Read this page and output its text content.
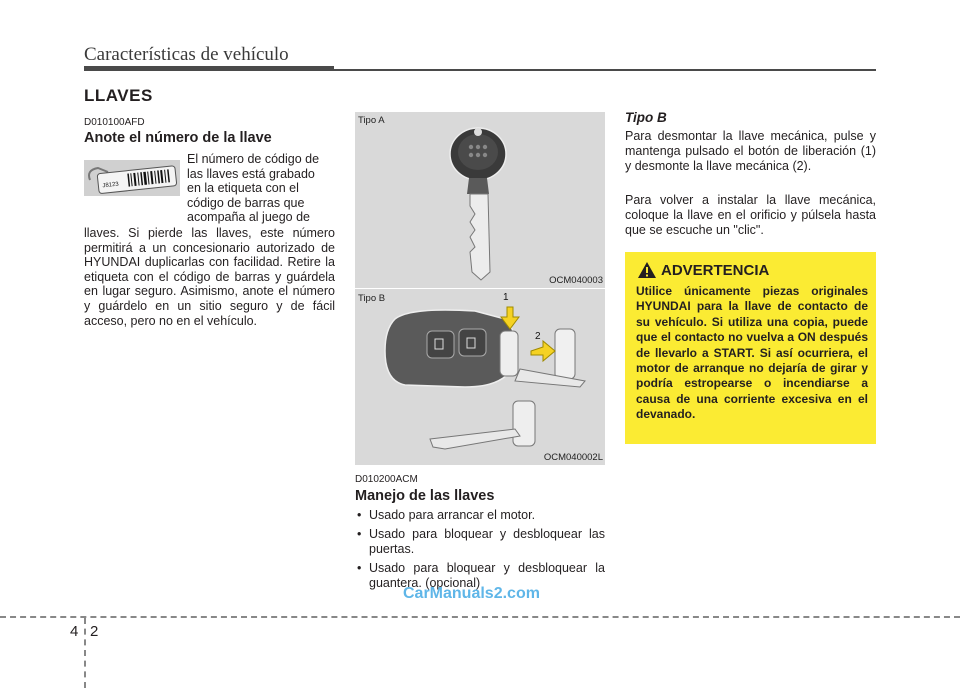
Características de vehículo
LLAVES
D010100AFD
Anote el número de la llave
J8123
El número de código de
las llaves está grabado
en la etiqueta con el
código de barras que
acompaña al juego de
llaves. Si pierde las llaves, este número permitirá a un concesionario autorizado de HYUNDAI duplicarlas con facilidad. Retire la etiqueta con el código de barras y guárdela en lugar seguro. Asimismo, anote el número y guárdelo en un sitio seguro y de fácil acceso, pero no en el vehículo.
Tipo A
OCM040003
Tipo B	1
2
OCM040002L
D010200ACM
Manejo de las llaves
• Usado para arrancar el motor.
• Usado para bloquear y desbloquear las puertas.
• Usado para bloquear y desbloquear la guantera. (opcional)
Tipo B
Para desmontar la llave mecánica, pulse y mantenga pulsado el botón de liberación (1) y desmonte la llave mecánica (2).
Para volver a instalar la llave mecánica, coloque la llave en el orificio y púlsela hasta que se escuche un "clic".
ADVERTENCIA
Utilice únicamente piezas originales HYUNDAI para la llave de contacto de su vehículo. Si utiliza una copia, puede que el contacto no vuelva a ON después de llevarlo a START. Si así ocurriera, el motor de arranque no dejaría de girar y podría estropearse o incendiarse a causa de una corriente excesiva en el devanado.
CarManuals2.com
4 2
